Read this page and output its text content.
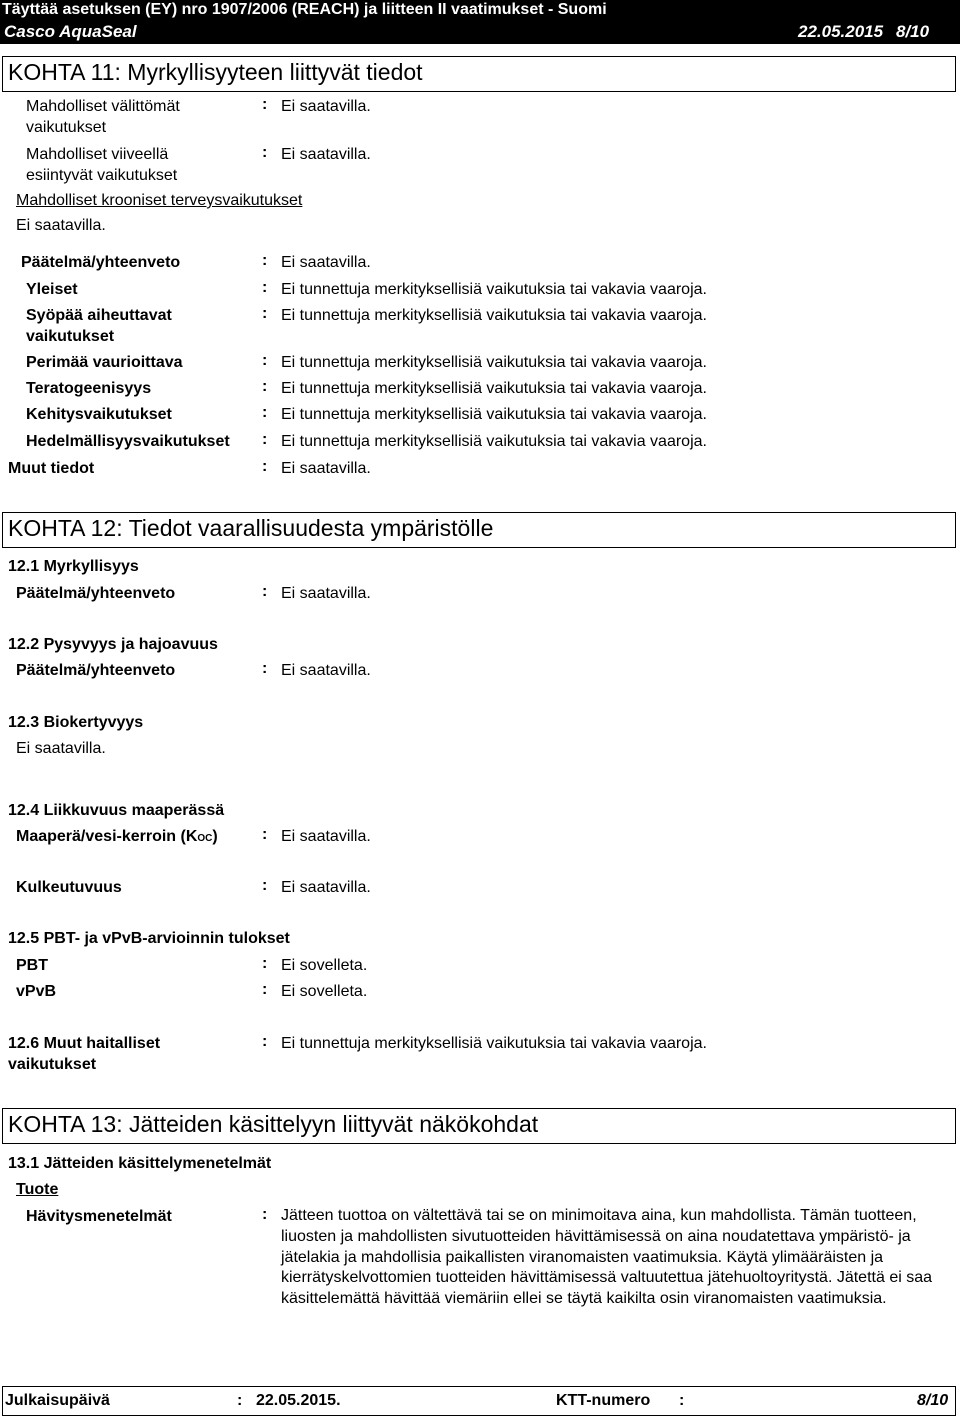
Täyttää asetuksen (EY) nro 1907/2006 (REACH) ja liitteen II vaatimukset - Suomi
Casco AquaSeal	22.05.2015 8/10
KOHTA 11: Myrkyllisyyteen liittyvät tiedot
Mahdolliset välittömät
vaikutukset
: Ei saatavilla.
Mahdolliset viiveellä
esiintyvät vaikutukset
: Ei saatavilla.
Mahdolliset krooniset terveysvaikutukset
Ei saatavilla.
Päätelmä/yhteenveto	: Ei saatavilla.
Yleiset	: Ei tunnettuja merkityksellisiä vaikutuksia tai vakavia vaaroja.
Syöpää aiheuttavat
vaikutukset
: Ei tunnettuja merkityksellisiä vaikutuksia tai vakavia vaaroja.
Perimää vaurioittava	: Ei tunnettuja merkityksellisiä vaikutuksia tai vakavia vaaroja.
Teratogeenisyys	: Ei tunnettuja merkityksellisiä vaikutuksia tai vakavia vaaroja.
Kehitysvaikutukset	: Ei tunnettuja merkityksellisiä vaikutuksia tai vakavia vaaroja.
Hedelmällisyysvaikutukset : Ei tunnettuja merkityksellisiä vaikutuksia tai vakavia vaaroja.
Muut tiedot	: Ei saatavilla.
KOHTA 12: Tiedot vaarallisuudesta ympäristölle
12.1 Myrkyllisyys
Päätelmä/yhteenveto	: Ei saatavilla.
12.2 Pysyvyys ja hajoavuus
Päätelmä/yhteenveto	: Ei saatavilla.
12.3 Biokertyvyys
Ei saatavilla.
12.4 Liikkuvuus maaperässä
Maaperä/vesi-kerroin (KOC)	: Ei saatavilla.
Kulkeutuvuus	: Ei saatavilla.
12.5 PBT- ja vPvB-arvioinnin tulokset
PBT	: Ei sovelleta.
vPvB	: Ei sovelleta.
12.6 Muut haitalliset
vaikutukset
: Ei tunnettuja merkityksellisiä vaikutuksia tai vakavia vaaroja.
KOHTA 13: Jätteiden käsittelyyn liittyvät näkökohdat
13.1 Jätteiden käsittelymenetelmät
Tuote
Hävitysmenetelmät	: Jätteen tuottoa on vältettävä tai se on minimoitava aina, kun mahdollista. Tämän tuotteen, liuosten ja mahdollisten sivutuotteiden hävittämisessä on aina noudatettava ympäristö- ja jätelakia ja mahdollisia paikallisten viranomaisten vaatimuksia. Käytä ylimääräisten ja kierrätyskelvottomien tuotteiden hävittämisessä valtuutettua jätehuoltoyritystä. Jätettä ei saa käsittelemättä hävittää viemäriin ellei se täytä kaikilta osin viranomaisten vaatimuksia.
Julkaisupäivä	: 22.05.2015.	KTT-numero :	8/10
